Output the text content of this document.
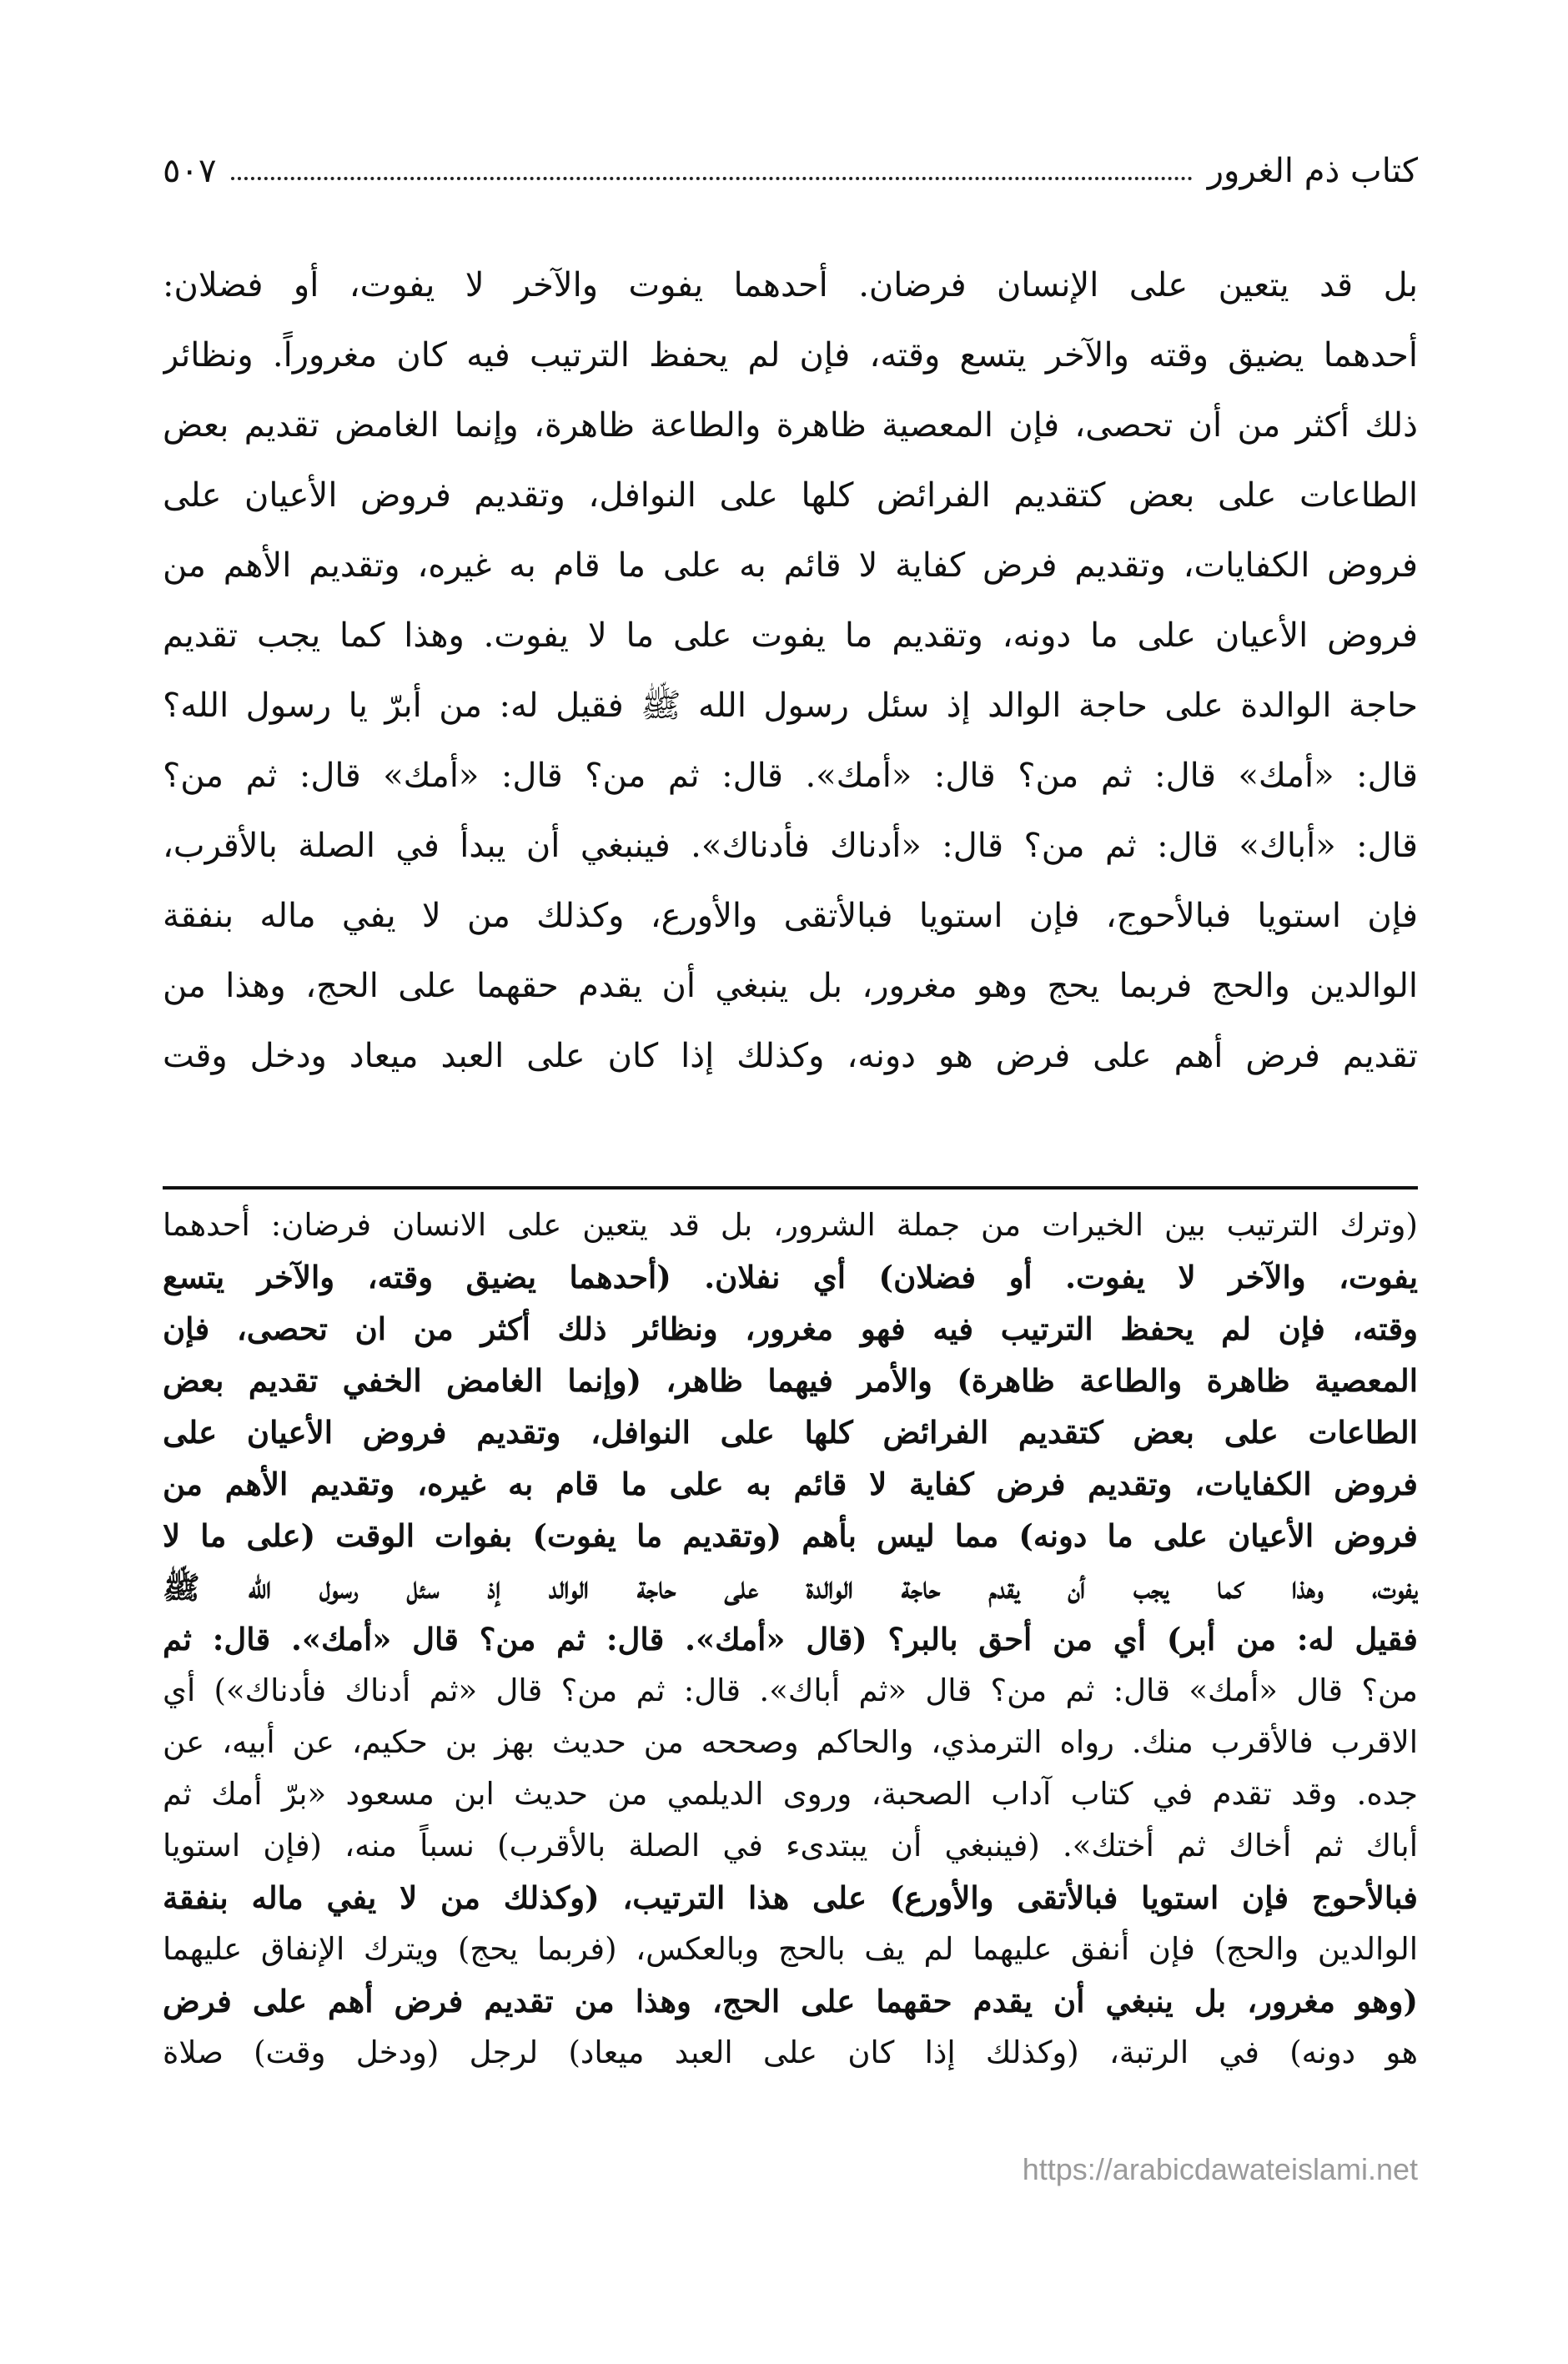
كتاب ذم الغرور
٥٠٧
بل قد يتعين على الإنسان فرضان. أحدهما يفوت والآخر لا يفوت، أو فضلان:
أحدهما يضيق وقته والآخر يتسع وقته، فإن لم يحفظ الترتيب فيه كان مغروراً. ونظائر
ذلك أكثر من أن تحصى، فإن المعصية ظاهرة والطاعة ظاهرة، وإنما الغامض تقديم بعض
الطاعات على بعض كتقديم الفرائض كلها على النوافل، وتقديم فروض الأعيان على
فروض الكفايات، وتقديم فرض كفاية لا قائم به على ما قام به غيره، وتقديم الأهم من
فروض الأعيان على ما دونه، وتقديم ما يفوت على ما لا يفوت. وهذا كما يجب تقديم
حاجة الوالدة على حاجة الوالد إذ سئل رسول الله ﷺ فقيل له: من أبرّ يا رسول الله؟
قال: «أمك» قال: ثم من؟ قال: «أمك». قال: ثم من؟ قال: «أمك» قال: ثم من؟
قال: «أباك» قال: ثم من؟ قال: «أدناك فأدناك». فينبغي أن يبدأ في الصلة بالأقرب،
فإن استويا فبالأحوج، فإن استويا فبالأتقى والأورع، وكذلك من لا يفي ماله بنفقة
الوالدين والحج فربما يحج وهو مغرور، بل ينبغي أن يقدم حقهما على الحج، وهذا من
تقديم فرض أهم على فرض هو دونه، وكذلك إذا كان على العبد ميعاد ودخل وقت
(وترك الترتيب بين الخيرات من جملة الشرور، بل قد يتعين على الانسان فرضان: أحدهما
يفوت، والآخر لا يفوت. أو فضلان) أي نفلان. (أحدهما يضيق وقته، والآخر يتسع
وقته، فإن لم يحفظ الترتيب فيه فهو مغرور، ونظائر ذلك أكثر من ان تحصى، فإن
المعصية ظاهرة والطاعة ظاهرة) والأمر فيهما ظاهر، (وإنما الغامض الخفي تقديم بعض
الطاعات على بعض كتقديم الفرائض كلها على النوافل، وتقديم فروض الأعيان على
فروض الكفايات، وتقديم فرض كفاية لا قائم به على ما قام به غيره، وتقديم الأهم من
فروض الأعيان على ما دونه) مما ليس بأهم (وتقديم ما يفوت) بفوات الوقت (على ما لا
يفوت، وهذا كما يجب أن يقدم حاجة الوالدة على حاجة الوالد إذ سئل رسول الله ﷺ
فقيل له: من أبر) أي من أحق بالبر؟ (قال «أمك». قال: ثم من؟ قال «أمك». قال: ثم
من؟ قال «أمك» قال: ثم من؟ قال «ثم أباك». قال: ثم من؟ قال «ثم أدناك فأدناك») أي
الاقرب فالأقرب منك. رواه الترمذي، والحاكم وصححه من حديث بهز بن حكيم، عن أبيه، عن
جده. وقد تقدم في كتاب آداب الصحبة، وروى الديلمي من حديث ابن مسعود «برّ أمك ثم
أباك ثم أخاك ثم أختك». (فينبغي أن يبتدىء في الصلة بالأقرب) نسباً منه، (فإن استويا
فبالأحوج فإن استويا فبالأتقى والأورع) على هذا الترتيب، (وكذلك من لا يفي ماله بنفقة
الوالدين والحج) فإن أنفق عليهما لم يف بالحج وبالعكس، (فربما يحج) ويترك الإنفاق عليهما
(وهو مغرور، بل ينبغي أن يقدم حقهما على الحج، وهذا من تقديم فرض أهم على فرض
هو دونه) في الرتبة، (وكذلك إذا كان على العبد ميعاد) لرجل (ودخل وقت) صلاة
https://arabicdawateislami.net
